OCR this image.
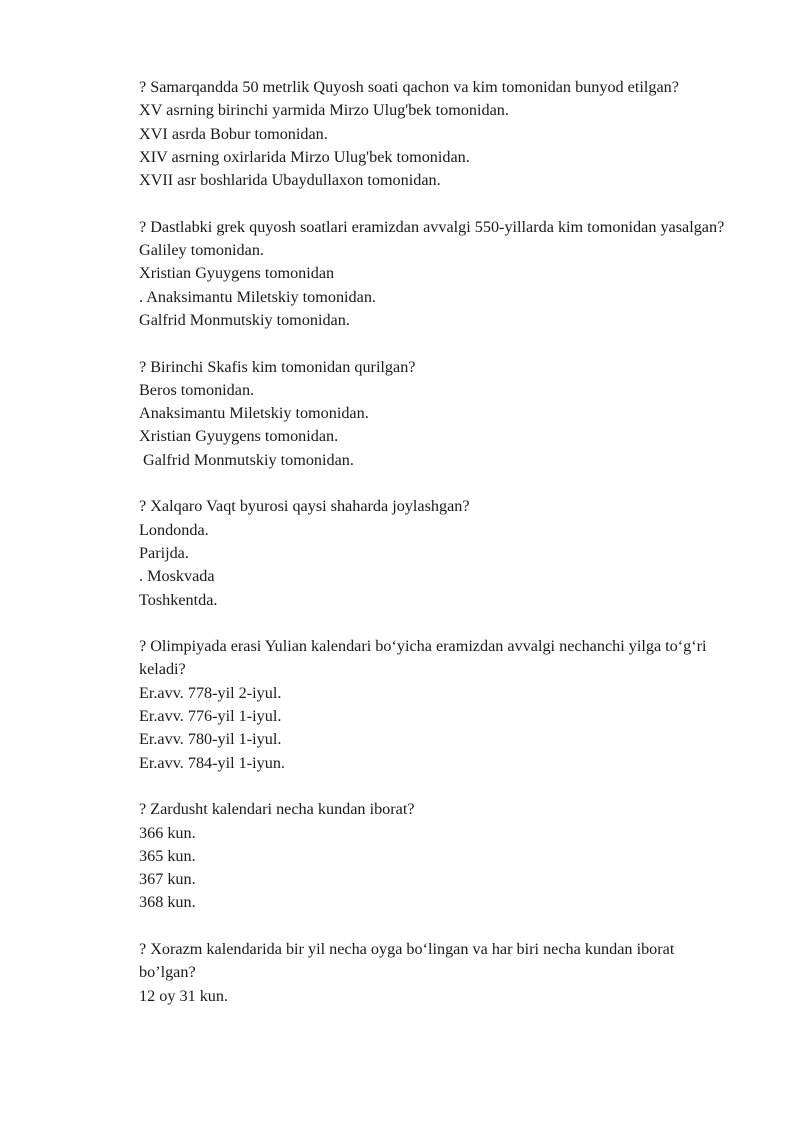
? Samarqandda 50 metrlik Quyosh soati qachon va kim tomonidan bunyod etilgan?
XV asrning birinchi yarmida Mirzo Ulug'bek tomonidan.
XVI asrda Bobur tomonidan.
XIV asrning oxirlarida Mirzo Ulug'bek tomonidan.
XVII asr boshlarida Ubaydullaxon tomonidan.
? Dastlabki grek quyosh soatlari eramizdan avvalgi 550-yillarda kim tomonidan yasalgan?
Galiley tomonidan.
Xristian Gyuygens tomonidan
. Anaksimantu Miletskiy tomonidan.
Galfrid Monmutskiy tomonidan.
? Birinchi Skafis kim tomonidan qurilgan?
Beros tomonidan.
Anaksimantu Miletskiy tomonidan.
Xristian Gyuygens tomonidan.
Galfrid Monmutskiy tomonidan.
? Xalqaro Vaqt byurosi qaysi shaharda joylashgan?
Londonda.
Parijda.
. Moskvada
Toshkentda.
? Olimpiyada erasi Yulian kalendari bo‘yicha eramizdan avvalgi nechanchi yilga to‘g‘ri keladi?
Er.avv. 778-yil 2-iyul.
Er.avv. 776-yil 1-iyul.
Er.avv. 780-yil 1-iyul.
Er.avv. 784-yil 1-iyun.
? Zardusht kalendari necha kundan iborat?
366 kun.
365 kun.
367 kun.
368 kun.
? Xorazm kalendarida bir yil necha oyga bo‘lingan va har biri necha kundan iborat bo’lgan?
12 oy 31 kun.
